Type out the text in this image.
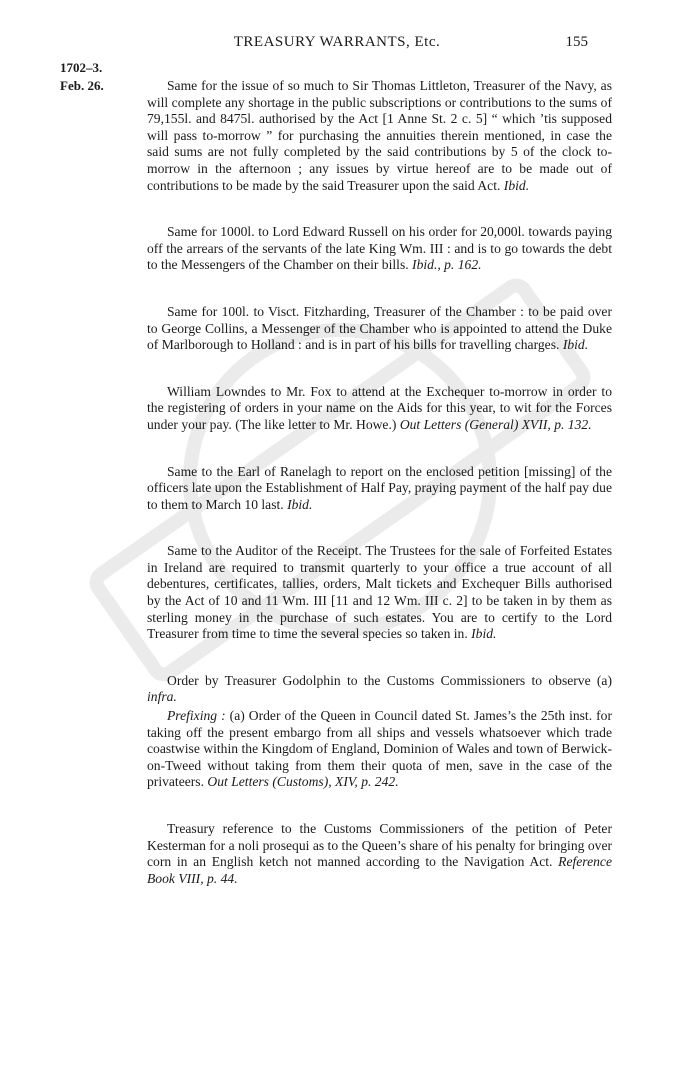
TREASURY WARRANTS, Etc.	155
1702–3.
Feb. 26.	Same for the issue of so much to Sir Thomas Littleton, Treasurer of the Navy, as will complete any shortage in the public subscriptions or contributions to the sums of 79,155l. and 8475l. authorised by the Act [1 Anne St. 2 c. 5] “ which ’tis supposed will pass to-morrow ” for purchasing the annuities therein mentioned, in case the said sums are not fully completed by the said contributions by 5 of the clock to-morrow in the afternoon ; any issues by virtue hereof are to be made out of contributions to be made by the said Treasurer upon the said Act. Ibid.

Same for 1000l. to Lord Edward Russell on his order for 20,000l. towards paying off the arrears of the servants of the late King Wm. III : and is to go towards the debt to the Messengers of the Chamber on their bills. Ibid., p. 162.

Same for 100l. to Visct. Fitzharding, Treasurer of the Chamber : to be paid over to George Collins, a Messenger of the Chamber who is appointed to attend the Duke of Marlborough to Holland : and is in part of his bills for travelling charges. Ibid.

William Lowndes to Mr. Fox to attend at the Exchequer to-morrow in order to the registering of orders in your name on the Aids for this year, to wit for the Forces under your pay. (The like letter to Mr. Howe.) Out Letters (General) XVII, p. 132.

Same to the Earl of Ranelagh to report on the enclosed petition [missing] of the officers late upon the Establishment of Half Pay, praying payment of the half pay due to them to March 10 last. Ibid.

Same to the Auditor of the Receipt. The Trustees for the sale of Forfeited Estates in Ireland are required to transmit quarterly to your office a true account of all debentures, certificates, tallies, orders, Malt tickets and Exchequer Bills authorised by the Act of 10 and 11 Wm. III [11 and 12 Wm. III c. 2] to be taken in by them as sterling money in the purchase of such estates. You are to certify to the Lord Treasurer from time to time the several species so taken in. Ibid.

Order by Treasurer Godolphin to the Customs Commissioners to observe (a) infra.

Prefixing : (a) Order of the Queen in Council dated St. James’s the 25th inst. for taking off the present embargo from all ships and vessels whatsoever which trade coastwise within the Kingdom of England, Dominion of Wales and town of Berwick-on-Tweed without taking from them their quota of men, save in the case of the privateers. Out Letters (Customs), XIV, p. 242.

Treasury reference to the Customs Commissioners of the petition of Peter Kesterman for a noli prosequi as to the Queen’s share of his penalty for bringing over corn in an English ketch not manned according to the Navigation Act. Reference Book VIII, p. 44.
